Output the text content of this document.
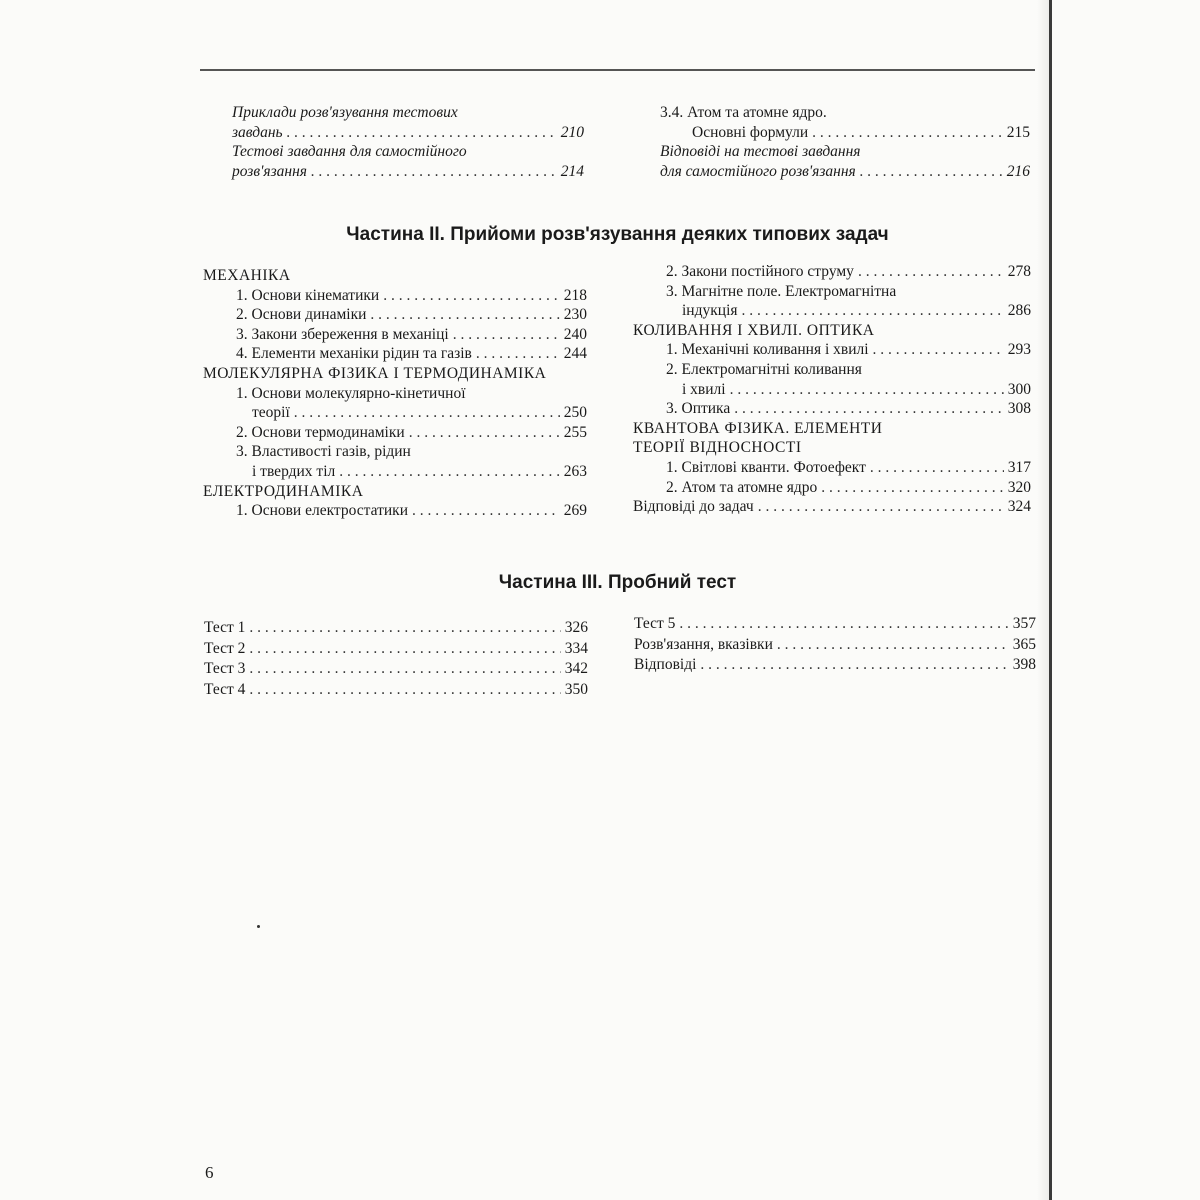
Приклади розв'язування тестових
завдань . . .	210
Тестові завдання для самостійного
розв'язання . . .	214
3.4. Атом та атомне ядро.
Основні формули . . .	215
Відповіді на тестові завдання
для самостійного розв'язання . . .	216
Частина II. Прийоми розв'язування деяких типових задач
МЕХАНІКА
1. Основи кінематики . . .	218
2. Основи динаміки . . .	230
3. Закони збереження в механіці . . .	240
4. Елементи механіки рідин та газів . . .	244
МОЛЕКУЛЯРНА ФІЗИКА І ТЕРМОДИНАМІКА
1. Основи молекулярно-кінетичної
теорії . . .	250
2. Основи термодинаміки . . .	255
3. Властивості газів, рідин
і твердих тіл . . .	263
ЕЛЕКТРОДИНАМІКА
1. Основи електростатики . . .	269
2. Закони постійного струму . . .	278
3. Магнітне поле. Електромагнітна
індукція . . .	286
КОЛИВАННЯ І ХВИЛІ. ОПТИКА
1. Механічні коливання і хвилі . . .	293
2. Електромагнітні коливання
і хвилі . . .	300
3. Оптика . . .	308
КВАНТОВА ФІЗИКА. ЕЛЕМЕНТИ
ТЕОРІЇ ВІДНОСНОСТІ
1. Світлові кванти. Фотоефект . . .	317
2. Атом та атомне ядро . . .	320
Відповіді до задач . . .	324
Частина III. Пробний тест
Тест 1 . . .	326
Тест 2 . . .	334
Тест 3 . . .	342
Тест 4 . . .	350
Тест 5 . . .	357
Розв'язання, вказівки . . .	365
Відповіді . . .	398
6
